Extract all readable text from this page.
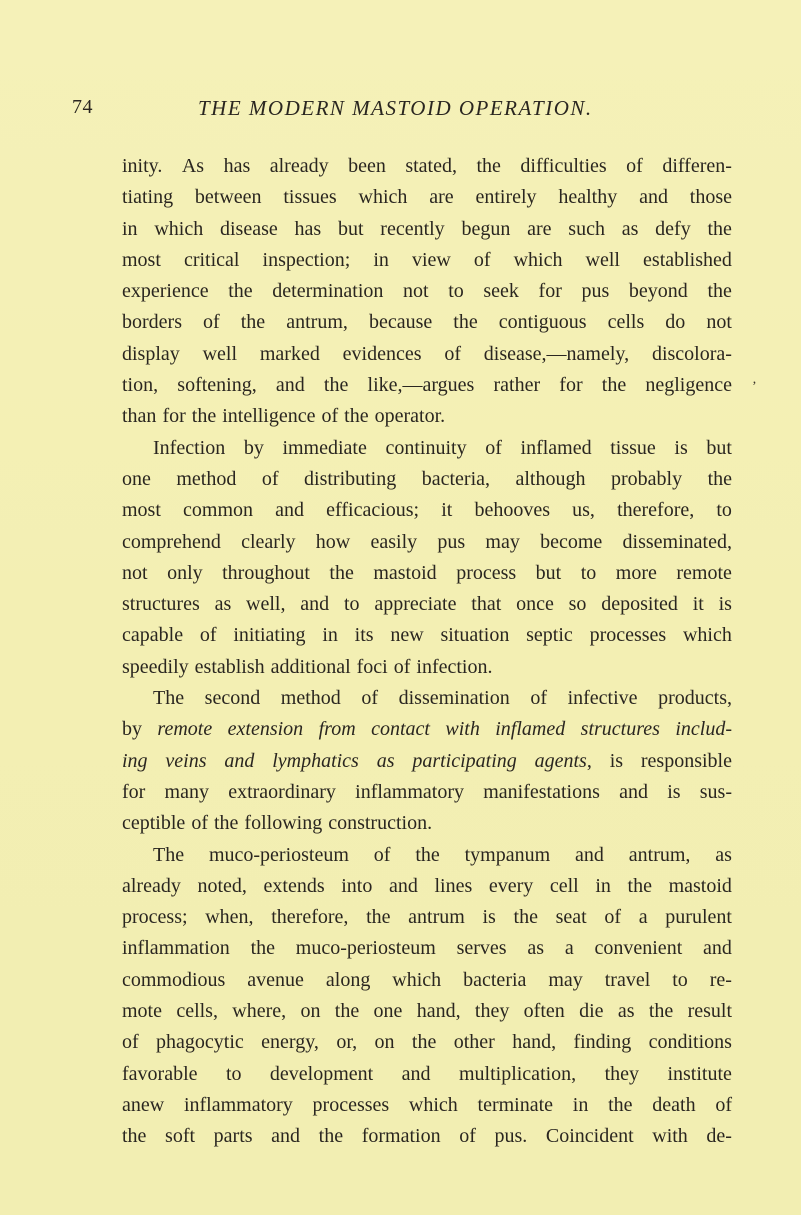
74	THE MODERN MASTOID OPERATION.
‚
inity. As has already been stated, the difficulties of differen-
tiating between tissues which are entirely healthy and those
in which disease has but recently begun are such as defy the
most critical inspection; in view of which well established
experience the determination not to seek for pus beyond the
borders of the antrum, because the contiguous cells do not
display well marked evidences of disease,—namely, discolora-
tion, softening, and the like,—argues rather for the negligence
than for the intelligence of the operator.
Infection by immediate continuity of inflamed tissue is but
one method of distributing bacteria, although probably the
most common and efficacious; it behooves us, therefore, to
comprehend clearly how easily pus may become disseminated,
not only throughout the mastoid process but to more remote
structures as well, and to appreciate that once so deposited it is
capable of initiating in its new situation septic processes which
speedily establish additional foci of infection.
The second method of dissemination of infective products,
by remote extension from contact with inflamed structures includ-
ing veins and lymphatics as participating agents, is responsible
for many extraordinary inflammatory manifestations and is sus-
ceptible of the following construction.
The muco-periosteum of the tympanum and antrum, as
already noted, extends into and lines every cell in the mastoid
process; when, therefore, the antrum is the seat of a purulent
inflammation the muco-periosteum serves as a convenient and
commodious avenue along which bacteria may travel to re-
mote cells, where, on the one hand, they often die as the result
of phagocytic energy, or, on the other hand, finding conditions
favorable to development and multiplication, they institute
anew inflammatory processes which terminate in the death of
the soft parts and the formation of pus. Coincident with de-
